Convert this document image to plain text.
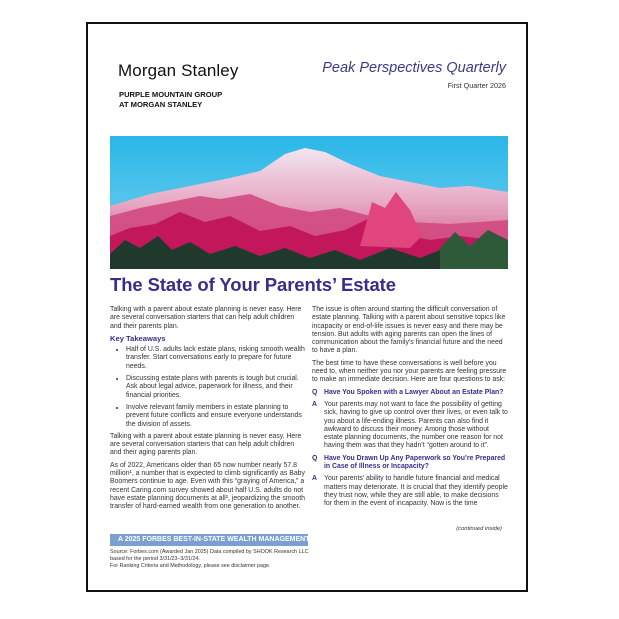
Morgan Stanley
PURPLE MOUNTAIN GROUP
AT MORGAN STANLEY
Peak Perspectives Quarterly
First Quarter 2026
The State of Your Parents’ Estate

Talking with a parent about estate planning is never easy. Here are several conversation starters that can help adult children and their parents plan.

Key Takeaways
• Half of U.S. adults lack estate plans, risking smooth wealth transfer. Start conversations early to prepare for future needs.
• Discussing estate plans with parents is tough but crucial. Ask about legal advice, paperwork for illness, and their financial priorities.
• Involve relevant family members in estate planning to prevent future conflicts and ensure everyone understands the division of assets.

Talking with a parent about estate planning is never easy. Here are several conversation starters that can help adult children and their aging parents plan.

As of 2022, Americans older than 65 now number nearly 57.8 million¹, a number that is expected to climb significantly as Baby Boomers continue to age. Even with this “graying of America,” a recent Caring.com survey showed about half U.S. adults do not have estate planning documents at all², jeopardizing the smooth transfer of hard-earned wealth from one generation to another.

The issue is often around starting the difficult conversation of estate planning. Talking with a parent about sensitive topics like incapacity or end-of-life issues is never easy and there may be tension. But adults with aging parents can open the lines of communication about the family’s financial future and the need to have a plan.

The best time to have these conversations is well before you need to, when neither you nor your parents are feeling pressure to make an immediate decision. Here are four questions to ask:

Q Have You Spoken with a Lawyer About an Estate Plan?
A	Your parents may not want to face the possibility of getting sick, having to give up control over their lives, or even talk to you about a life-ending illness. Parents can also find it awkward to discuss their money. Among those without estate planning documents, the number one reason for not having them was that they hadn’t “gotten around to it”.
Q Have You Drawn Up Any Paperwork so You’re Prepared in Case of Illness or Incapacity?
A	Your parents’ ability to handle future financial and medical matters may deteriorate. It is crucial that they identify people they trust now, while they are still able, to make decisions for them in the event of incapacity. Now is the time
(continued inside)
A 2025 FORBES BEST-IN-STATE WEALTH MANAGEMENT TEAM
Source: Forbes.com (Awarded Jan 2025) Data compiled by SHOOK Research LLC
based for the period 3/31/23–3/31/24.
For Ranking Criteria and Methodology, please see disclaimer page.
